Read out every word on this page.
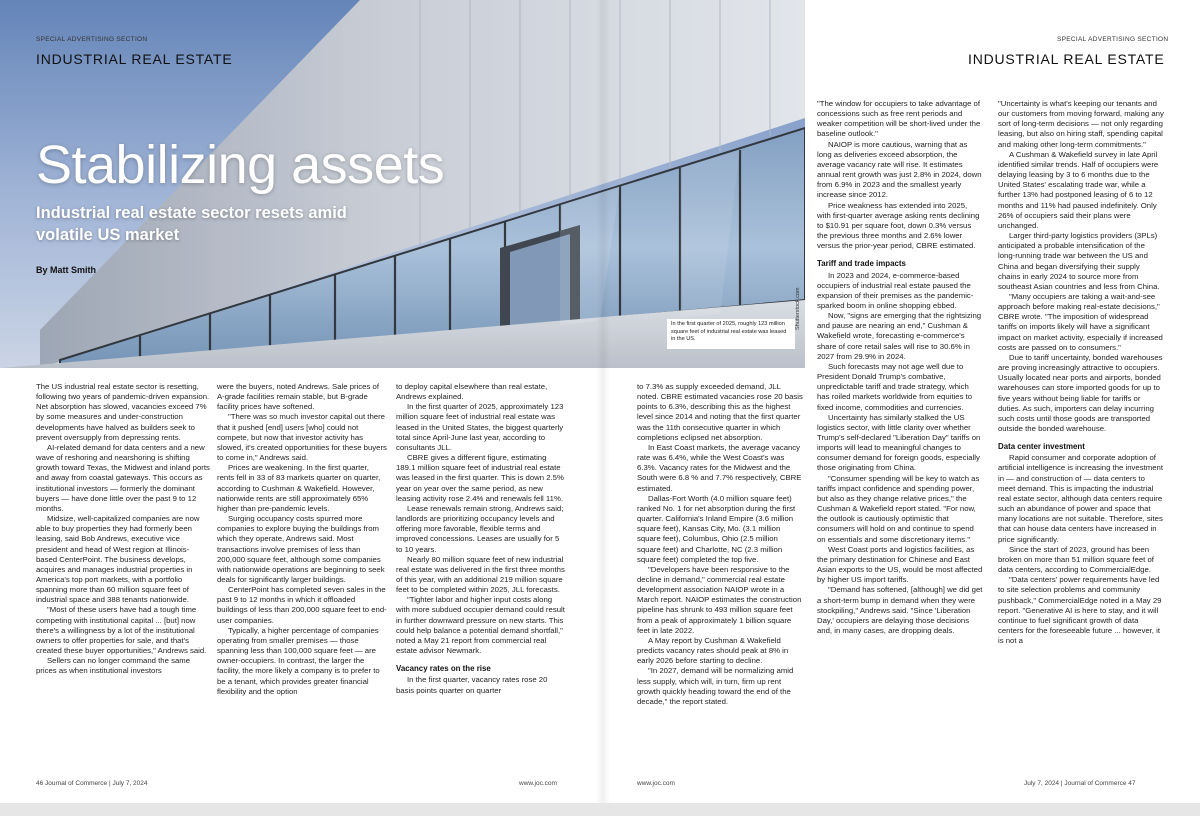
SPECIAL ADVERTISING SECTION
INDUSTRIAL REAL ESTATE
Stabilizing assets
Industrial real estate sector resets amid volatile US market
By Matt Smith
In the first quarter of 2025, roughly 123 million square feet of industrial real estate was leased in the US.
Shutterstock.com
SPECIAL ADVERTISING SECTION
INDUSTRIAL REAL ESTATE

The US industrial real estate sector is resetting, following two years of pandemic-driven expansion. Net absorption has slowed, vacancies exceed 7% by some measures and under-construction developments have halved as builders seek to prevent oversupply from depressing rents.

AI-related demand for data centers and a new wave of reshoring and nearshoring is shifting growth toward Texas, the Midwest and inland ports and away from coastal gateways. This occurs as institutional investors — formerly the dominant buyers — have done little over the past 9 to 12 months.

Midsize, well-capitalized companies are now able to buy properties they had formerly been leasing, said Bob Andrews, executive vice president and head of West region at Illinois-based CenterPoint. The business develops, acquires and manages industrial properties in America's top port markets, with a portfolio spanning more than 60 million square feet of industrial space and 388 tenants nationwide.

"Most of these users have had a tough time competing with institutional capital ... [but] now there's a willingness by a lot of the institutional owners to offer properties for sale, and that's created these buyer opportunities," Andrews said.

Sellers can no longer command the same prices as when institutional investors

were the buyers, noted Andrews. Sale prices of A-grade facilities remain stable, but B-grade facility prices have softened.

"There was so much investor capital out there that it pushed [end] users [who] could not compete, but now that investor activity has slowed, it's created opportunities for these buyers to come in," Andrews said.

Prices are weakening. In the first quarter, rents fell in 33 of 83 markets quarter on quarter, according to Cushman & Wakefield. However, nationwide rents are still approximately 65% higher than pre-pandemic levels.

Surging occupancy costs spurred more companies to explore buying the buildings from which they operate, Andrews said. Most transactions involve premises of less than 200,000 square feet, although some companies with nationwide operations are beginning to seek deals for significantly larger buildings.

CenterPoint has completed seven sales in the past 9 to 12 months in which it offloaded buildings of less than 200,000 square feet to end-user companies.

Typically, a higher percentage of companies operating from smaller premises — those spanning less than 100,000 square feet — are owner-occupiers. In contrast, the larger the facility, the more likely a company is to prefer to be a tenant, which provides greater financial flexibility and the option

to deploy capital elsewhere than real estate, Andrews explained.

In the first quarter of 2025, approximately 123 million square feet of industrial real estate was leased in the United States, the biggest quarterly total since April-June last year, according to consultants JLL.

CBRE gives a different figure, estimating 189.1 million square feet of industrial real estate was leased in the first quarter. This is down 2.5% year on year over the same period, as new leasing activity rose 2.4% and renewals fell 11%.

Lease renewals remain strong, Andrews said; landlords are prioritizing occupancy levels and offering more favorable, flexible terms and improved concessions. Leases are usually for 5 to 10 years.

Nearly 80 million square feet of new industrial real estate was delivered in the first three months of this year, with an additional 219 million square feet to be completed within 2025, JLL forecasts.

"Tighter labor and higher input costs along with more subdued occupier demand could result in further downward pressure on new starts. This could help balance a potential demand shortfall," noted a May 21 report from commercial real estate advisor Newmark.

Vacancy rates on the rise

In the first quarter, vacancy rates rose 20 basis points quarter on quarter

to 7.3% as supply exceeded demand, JLL noted. CBRE estimated vacancies rose 20 basis points to 6.3%, describing this as the highest level since 2014 and noting that the first quarter was the 11th consecutive quarter in which completions eclipsed net absorption.

In East Coast markets, the average vacancy rate was 6.4%, while the West Coast's was 6.3%. Vacancy rates for the Midwest and the South were 6.8 % and 7.7% respectively, CBRE estimated.

Dallas-Fort Worth (4.0 million square feet) ranked No. 1 for net absorption during the first quarter. California's Inland Empire (3.6 million square feet), Kansas City, Mo. (3.1 million square feet), Columbus, Ohio (2.5 million square feet) and Charlotte, NC (2.3 million square feet) completed the top five.

"Developers have been responsive to the decline in demand," commercial real estate development association NAIOP wrote in a March report. NAIOP estimates the construction pipeline has shrunk to 493 million square feet from a peak of approximately 1 billion square feet in late 2022.

A May report by Cushman & Wakefield predicts vacancy rates should peak at 8% in early 2026 before starting to decline.

"In 2027, demand will be normalizing amid less supply, which will, in turn, firm up rent growth quickly heading toward the end of the decade," the report stated.

"The window for occupiers to take advantage of concessions such as free rent periods and weaker competition will be short-lived under the baseline outlook."

NAIOP is more cautious, warning that as long as deliveries exceed absorption, the average vacancy rate will rise. It estimates annual rent growth was just 2.8% in 2024, down from 6.9% in 2023 and the smallest yearly increase since 2012.

Price weakness has extended into 2025, with first-quarter average asking rents declining to $10.91 per square foot, down 0.3% versus the previous three months and 2.6% lower versus the prior-year period, CBRE estimated.

Tariff and trade impacts

In 2023 and 2024, e-commerce-based occupiers of industrial real estate paused the expansion of their premises as the pandemic-sparked boom in online shopping ebbed.

Now, "signs are emerging that the rightsizing and pause are nearing an end," Cushman & Wakefield wrote, forecasting e-commerce's share of core retail sales will rise to 30.6% in 2027 from 29.9% in 2024.

Such forecasts may not age well due to President Donald Trump's combative, unpredictable tariff and trade strategy, which has roiled markets worldwide from equities to fixed income, commodities and currencies.

Uncertainty has similarly stalked the US logistics sector, with little clarity over whether Trump's self-declared "Liberation Day" tariffs on imports will lead to meaningful changes to consumer demand for foreign goods, especially those originating from China.

"Consumer spending will be key to watch as tariffs impact confidence and spending power, but also as they change relative prices," the Cushman & Wakefield report stated. "For now, the outlook is cautiously optimistic that consumers will hold on and continue to spend on essentials and some discretionary items."

West Coast ports and logistics facilities, as the primary destination for Chinese and East Asian exports to the US, would be most affected by higher US import tariffs.

"Demand has softened, [although] we did get a short-term bump in demand when they were stockpiling," Andrews said. "Since 'Liberation Day,' occupiers are delaying those decisions and, in many cases, are dropping deals.

"Uncertainty is what's keeping our tenants and our customers from moving forward, making any sort of long-term decisions — not only regarding leasing, but also on hiring staff, spending capital and making other long-term commitments."

A Cushman & Wakefield survey in late April identified similar trends. Half of occupiers were delaying leasing by 3 to 6 months due to the United States' escalating trade war, while a further 13% had postponed leasing of 6 to 12 months and 11% had paused indefinitely. Only 26% of occupiers said their plans were unchanged.

Larger third-party logistics providers (3PLs) anticipated a probable intensification of the long-running trade war between the US and China and began diversifying their supply chains in early 2024 to source more from southeast Asian countries and less from China.

"Many occupiers are taking a wait-and-see approach before making real-estate decisions," CBRE wrote. "The imposition of widespread tariffs on imports likely will have a significant impact on market activity, especially if increased costs are passed on to consumers."

Due to tariff uncertainty, bonded warehouses are proving increasingly attractive to occupiers. Usually located near ports and airports, bonded warehouses can store imported goods for up to five years without being liable for tariffs or duties. As such, importers can delay incurring such costs until those goods are transported outside the bonded warehouse.

Data center investment

Rapid consumer and corporate adoption of artificial intelligence is increasing the investment in — and construction of — data centers to meet demand. This is impacting the industrial real estate sector, although data centers require such an abundance of power and space that many locations are not suitable. Therefore, sites that can house data centers have increased in price significantly.

Since the start of 2023, ground has been broken on more than 51 million square feet of data centers, according to CommercialEdge.

"Data centers' power requirements have led to site selection problems and community pushback," CommercialEdge noted in a May 29 report. "Generative AI is here to stay, and it will continue to fuel significant growth of data centers for the foreseeable future ... however, it is not a

46 Journal of Commerce | July 7, 2024	www.joc.com	www.joc.com	July 7, 2024 | Journal of Commerce 47
